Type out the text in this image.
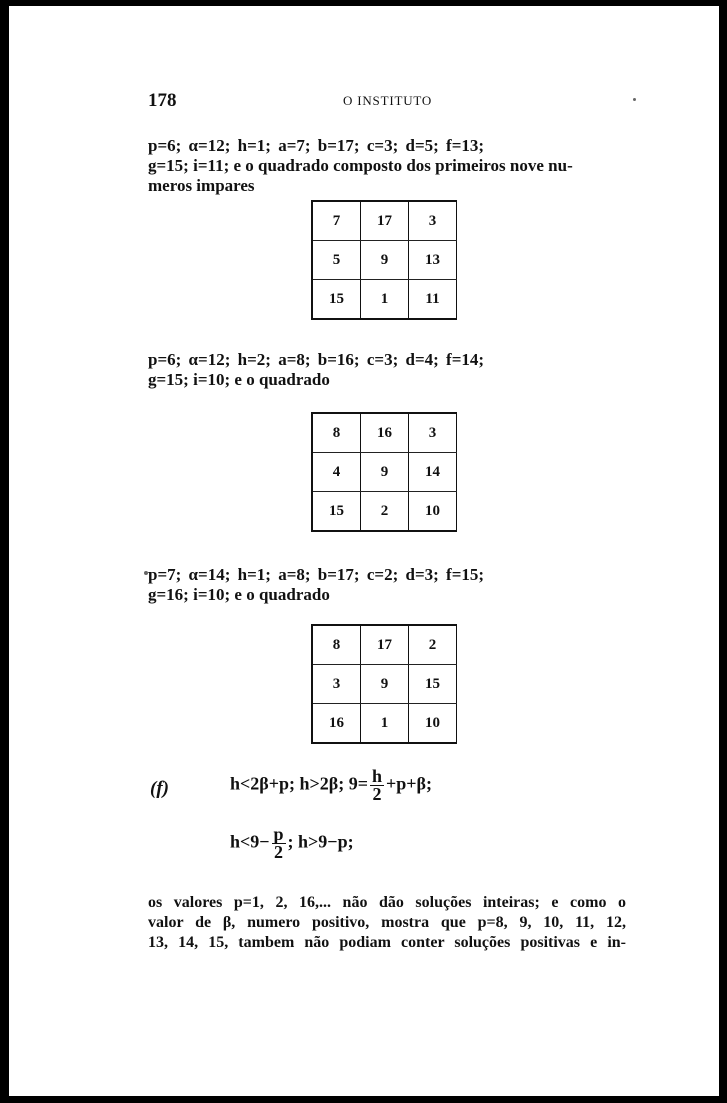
178	O INSTITUTO
p=6; α=12; h=1; a=7; b=17; c=3; d=5; f=13;
g=15; i=11; e o quadrado composto dos primeiros nove nu-
meros impares
7	17	3
5	9	13
15	1	11
p=6; α=12; h=2; a=8; b=16; c=3; d=4; f=14;
g=15; i=10; e o quadrado
8	16	3
4	9	14
15	2	10
p=7; α=14; h=1; a=8; b=17; c=2; d=3; f=15;
g=16; i=10; e o quadrado
8	17	2
3	9	15
16	1	10
(f)	h<2β+p; h>2β; $9= \frac{h}{2} +p+\beta$;
$h<9- \frac{p}{2}$ ; h>9−p;
os valores p=1, 2, 16,... não dão soluções inteiras; e como o
valor de β, numero positivo, mostra que p=8, 9, 10, 11, 12,
13, 14, 15, tambem não podiam conter soluções positivas e in-
